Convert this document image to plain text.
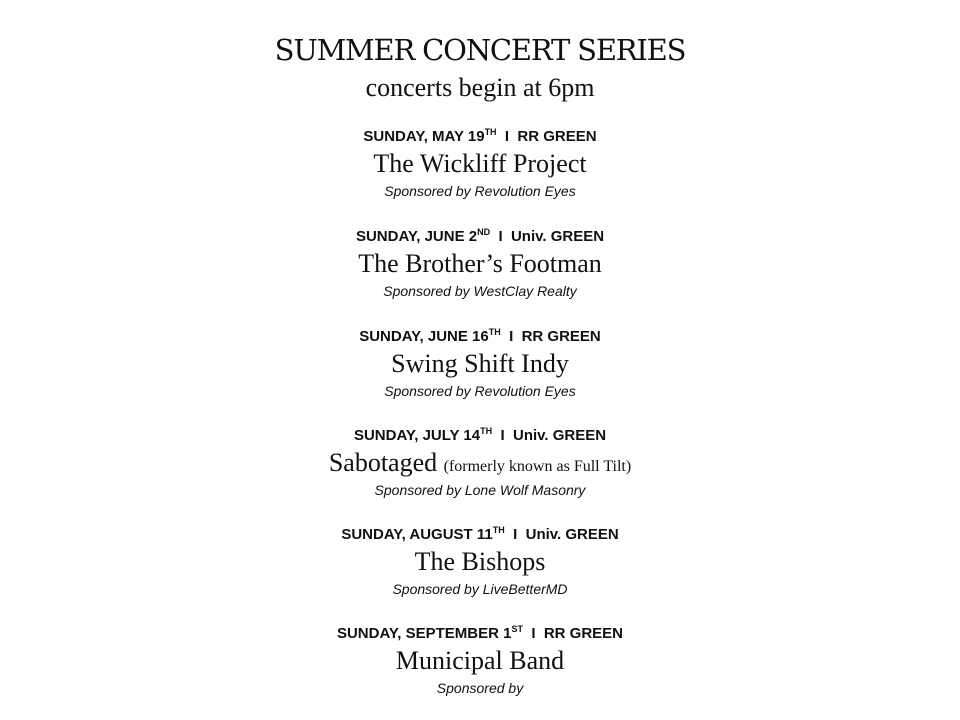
SUMMER CONCERT SERIES
concerts begin at 6pm
SUNDAY, MAY 19TH I RR GREEN
The Wickliff Project
Sponsored by Revolution Eyes
SUNDAY, JUNE 2ND I Univ. GREEN
The Brother’s Footman
Sponsored by WestClay Realty
SUNDAY, JUNE 16TH I RR GREEN
Swing Shift Indy
Sponsored by Revolution Eyes
SUNDAY, JULY 14TH I Univ. GREEN
Sabotaged (formerly known as Full Tilt)
Sponsored by Lone Wolf Masonry
SUNDAY, AUGUST 11TH I Univ. GREEN
The Bishops
Sponsored by LiveBetterMD
SUNDAY, SEPTEMBER 1ST I RR GREEN
Municipal Band
Sponsored by
